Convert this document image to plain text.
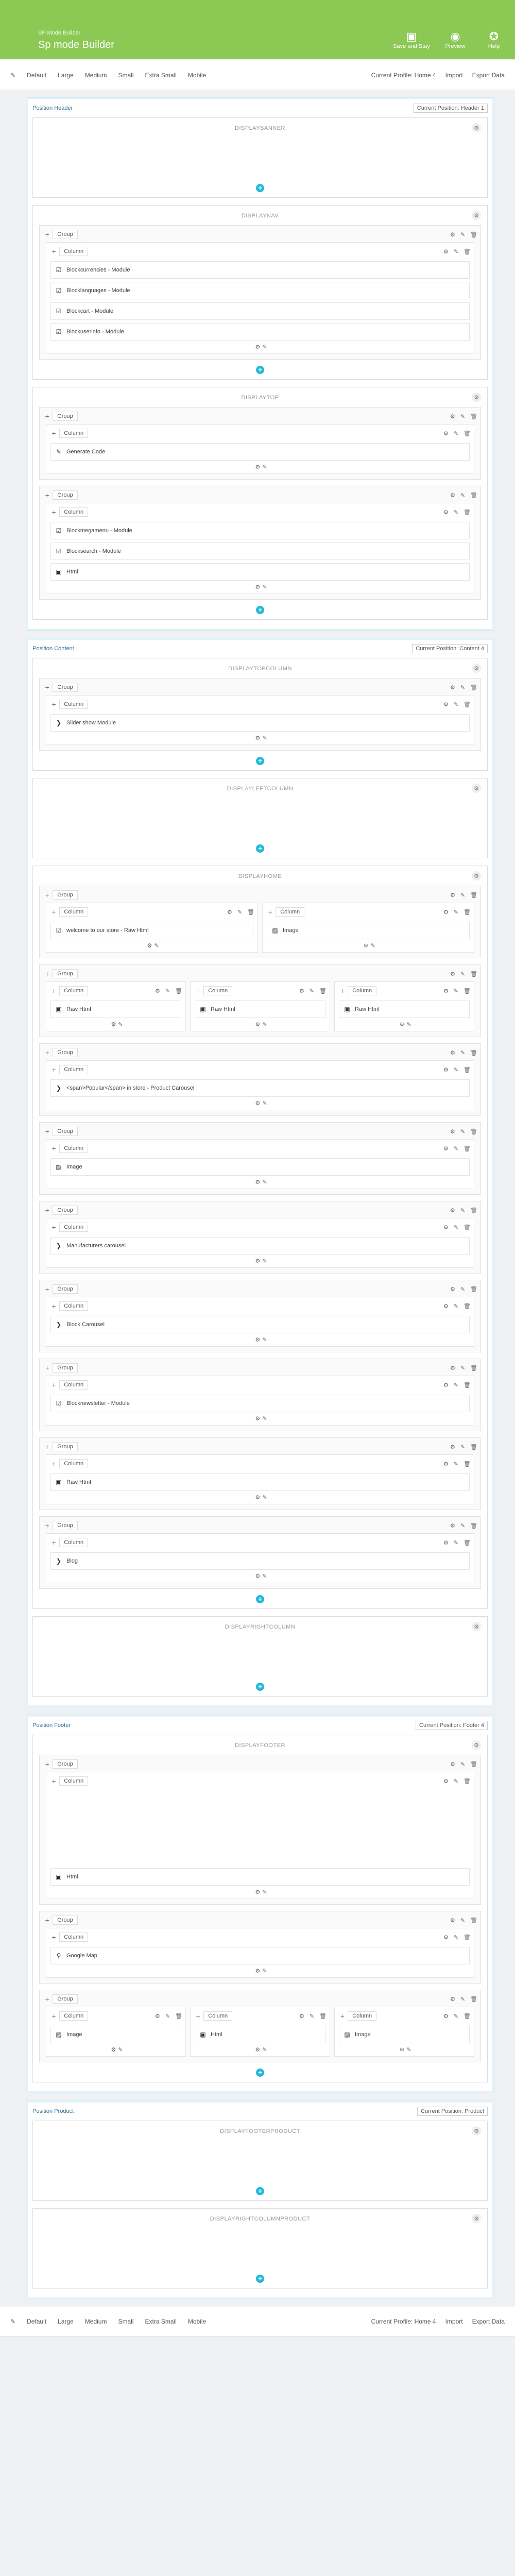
SP Mode Builder
Sp mode Builder
▣
Save and Stay
◉
Preview
✪
Help
✎ Default Large Medium Small Extra Small Mobile	Current Profile: Home 4 Import Export Data
Position Header	Current Position: Header 1
DISPLAYBANNER	⚙
+
DISPLAYNAV	⚙
+	Group	⚙ ✎ 🗑
+	Column	⚙ ✎ 🗑
☑ Blockcurrencies - Module
☑ Blocklanguages - Module
☑ Blockcart - Module
☑ Blockuserinfo - Module
⚙ ✎
+
DISPLAYTOP	⚙
+	Group	⚙ ✎ 🗑
+	Column	⚙ ✎ 🗑
✎ Generate Code
⚙ ✎
+	Group	⚙ ✎ 🗑
+	Column	⚙ ✎ 🗑
☑ Blockmegamenu - Module
☑ Blocksearch - Module
▣ Html
⚙ ✎
+
Position Content	Current Position: Content 4
DISPLAYTOPCOLUMN	⚙
+	Group	⚙ ✎ 🗑
+	Column	⚙ ✎ 🗑
❯ Slider show Module
⚙ ✎
+
DISPLAYLEFTCOLUMN	⚙
+
DISPLAYHOME	⚙
+	Group	⚙ ✎ 🗑
+	Column	⚙ ✎ 🗑
☑ welcome to our store - Raw Html
⚙ ✎
+	Column	⚙ ✎ 🗑
▨ Image
⚙ ✎
+	Group	⚙ ✎ 🗑
+	Column	⚙ ✎ 🗑
▣ Raw Html
⚙ ✎
+	Column	⚙ ✎ 🗑
▣ Raw Html
⚙ ✎
+	Column	⚙ ✎ 🗑
▣ Raw Html
⚙ ✎
+	Group	⚙ ✎ 🗑
+	Column	⚙ ✎ 🗑
❯ <span>Popular</span> in store - Product Carousel
⚙ ✎
+	Group	⚙ ✎ 🗑
+	Column	⚙ ✎ 🗑
▨ Image
⚙ ✎
+	Group	⚙ ✎ 🗑
+	Column	⚙ ✎ 🗑
❯ Manufacturers carousel
⚙ ✎
+	Group	⚙ ✎ 🗑
+	Column	⚙ ✎ 🗑
❯ Block Carousel
⚙ ✎
+	Group	⚙ ✎ 🗑
+	Column	⚙ ✎ 🗑
☑ Blocknewsletter - Module
⚙ ✎
+	Group	⚙ ✎ 🗑
+	Column	⚙ ✎ 🗑
▣ Raw Html
⚙ ✎
+	Group	⚙ ✎ 🗑
+	Column	⚙ ✎ 🗑
❯ Blog
⚙ ✎
+
DISPLAYRIGHTCOLUMN	⚙
+
Position Footer	Current Position: Footer 4
DISPLAYFOOTER	⚙
+	Group	⚙ ✎ 🗑
+	Column	⚙ ✎ 🗑
▣ Html
⚙ ✎
+	Group	⚙ ✎ 🗑
+	Column	⚙ ✎ 🗑
⚲ Google Map
⚙ ✎
+	Group	⚙ ✎ 🗑
+	Column	⚙ ✎ 🗑
▨ Image
⚙ ✎
+	Column	⚙ ✎ 🗑
▣ Html
⚙ ✎
+	Column	⚙ ✎ 🗑
▨ Image
⚙ ✎
+
Position Product	Current Position: Product
DISPLAYFOOTERPRODUCT	⚙
+
DISPLAYRIGHTCOLUMNPRODUCT	⚙
+
✎ Default Large Medium Small Extra Small Mobile	Current Profile: Home 4 Import Export Data
